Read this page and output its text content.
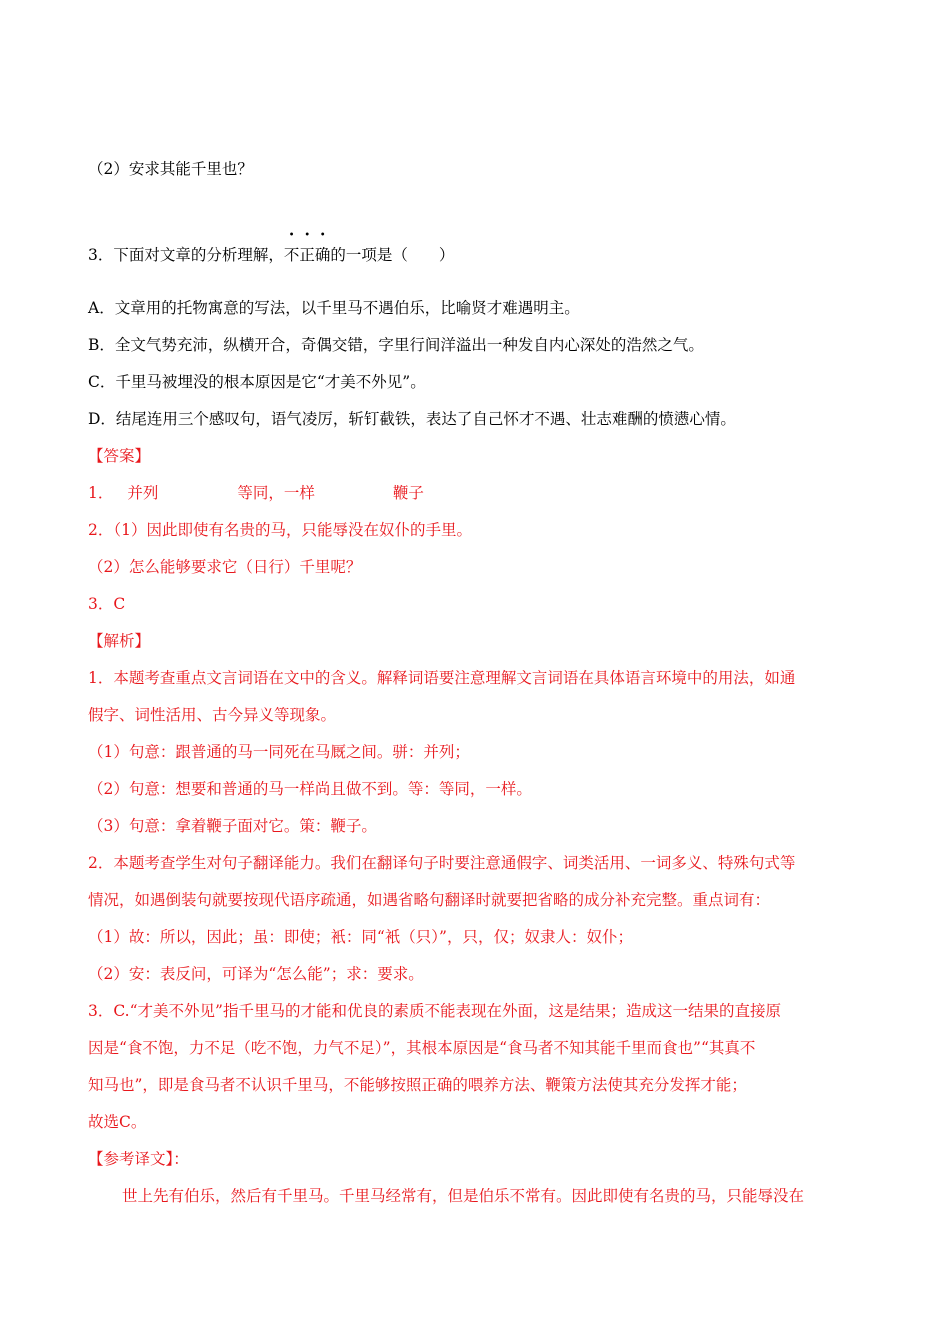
（2）安求其能千里也？
3．下面对文章的分析理解，不正确的一项是（　　）
A．文章用的托物寓意的写法，以千里马不遇伯乐，比喻贤才难遇明主。
B．全文气势充沛，纵横开合，奇偶交错，字里行间洋溢出一种发自内心深处的浩然之气。
C．千里马被埋没的根本原因是它“才美不外见”。
D．结尾连用三个感叹句，语气凌厉，斩钉截铁，表达了自己怀才不遇、壮志难酬的愤懑心情。
【答案】
1． 并列	等同，一样	鞭子
2．（1）因此即使有名贵的马，只能辱没在奴仆的手里。
（2）怎么能够要求它（日行）千里呢？
3．C
【解析】
1．本题考查重点文言词语在文中的含义。解释词语要注意理解文言词语在具体语言环境中的用法，如通
假字、词性活用、古今异义等现象。
（1）句意：跟普通的马一同死在马厩之间。骈：并列；
（2）句意：想要和普通的马一样尚且做不到。等：等同，一样。
（3）句意：拿着鞭子面对它。策：鞭子。
2．本题考查学生对句子翻译能力。我们在翻译句子时要注意通假字、词类活用、一词多义、特殊句式等
情况，如遇倒装句就要按现代语序疏通，如遇省略句翻译时就要把省略的成分补充完整。重点词有：
（1）故：所以，因此；虽：即使；衹：同“衹（只）”，只，仅；奴隶人：奴仆；
（2）安：表反问，可译为“怎么能”；求：要求。
3．C.“才美不外见”指千里马的才能和优良的素质不能表现在外面，这是结果；造成这一结果的直接原
因是“食不饱，力不足（吃不饱，力气不足）”，其根本原因是“食马者不知其能千里而食也”“其真不
知马也”，即是食马者不认识千里马，不能够按照正确的喂养方法、鞭策方法使其充分发挥才能；
故选C。
【参考译文】：
世上先有伯乐，然后有千里马。千里马经常有，但是伯乐不常有。因此即使有名贵的马，只能辱没在
